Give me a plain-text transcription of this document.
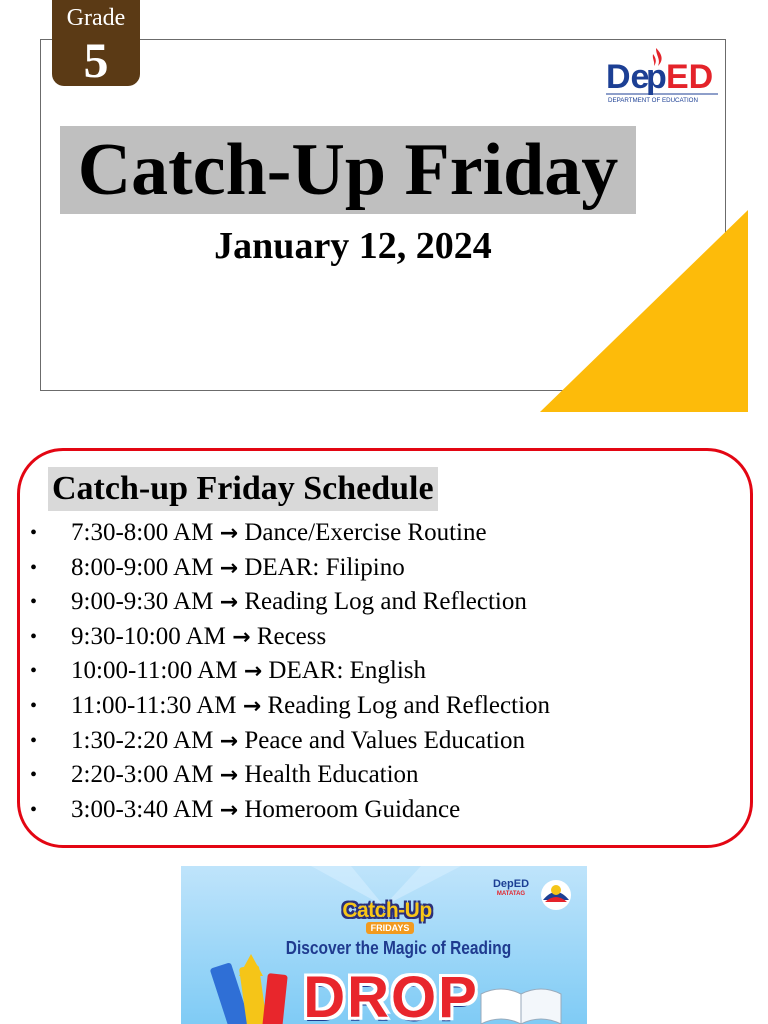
Grade
5	De
p ED
DEPARTMENT OF EDUCATION
Catch-Up Friday
January 12, 2024
Catch-up Friday Schedule
• 7:30-8:00 AM → Dance/Exercise Routine
• 8:00-9:00 AM → DEAR: Filipino
• 9:00-9:30 AM → Reading Log and Reflection
• 9:30-10:00 AM → Recess
• 10:00-11:00 AM → DEAR: English
• 11:00-11:30 AM → Reading Log and Reflection
• 1:30-2:20 AM → Peace and Values Education
• 2:20-3:00 AM → Health Education
• 3:00-3:40 AM → Homeroom Guidance
DepED
MATATAG
Catch-Up
FRIDAYS
Discover the Magic of Reading
DROP
